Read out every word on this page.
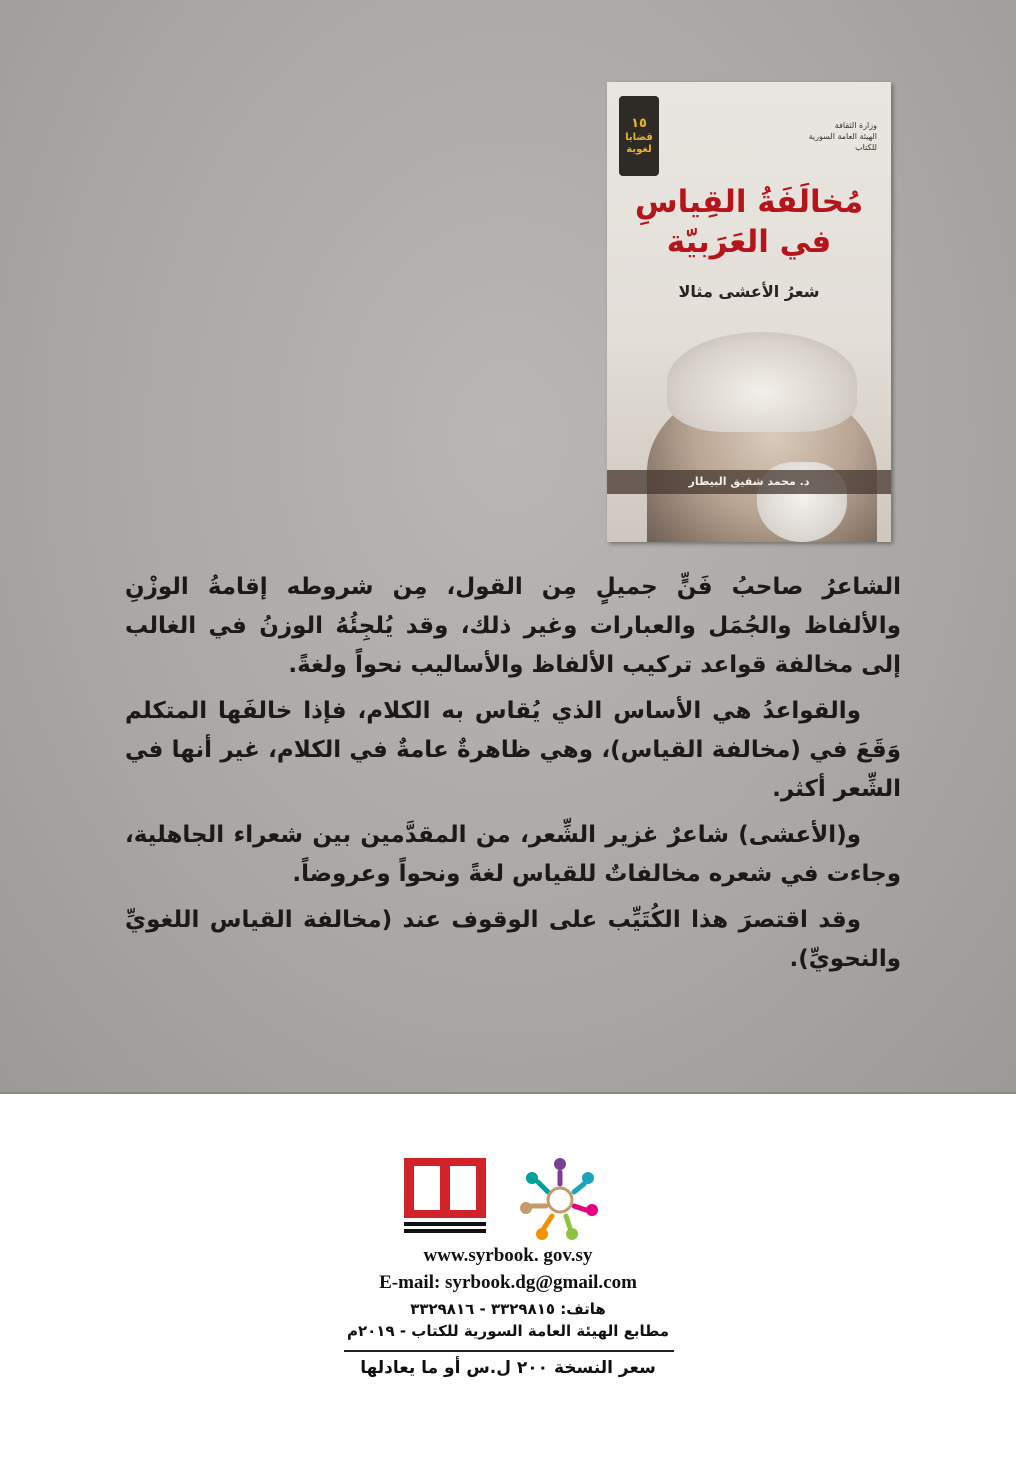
١٥
قضايا لغوية
وزارة الثقافة
الهيئة العامة السورية للكتاب
مُخالَفَةُ القِياسِ
في العَرَبيّة
شعرُ الأعشى مثالا
د. محمد شفيق البيطار

الشاعرُ صاحبُ فَنٍّ جميلٍ مِن القول، مِن شروطه إقامةُ الوزْنِ والألفاظ والجُمَل والعبارات وغير ذلك، وقد يُلجِئُهُ الوزنُ في الغالب إلى مخالفة قواعد تركيب الألفاظ والأساليب نحواً ولغةً.

والقواعدُ هي الأساس الذي يُقاس به الكلام، فإذا خالفَها المتكلم وَقَعَ في (مخالفة القياس)، وهي ظاهرةٌ عامةٌ في الكلام، غير أنها في الشِّعر أكثر.

و(الأعشى) شاعرٌ غزير الشِّعر، من المقدَّمين بين شعراء الجاهلية، وجاءت في شعره مخالفاتٌ للقياس لغةً ونحواً وعروضاً.

وقد اقتصرَ هذا الكُتَيِّب على الوقوف عند (مخالفة القياس اللغويِّ والنحويِّ).

www.syrbook. gov.sy
E-mail: syrbook.dg@gmail.com
هاتف: ٣٣٢٩٨١٥ - ٣٣٢٩٨١٦
مطابع الهيئة العامة السورية للكتاب - ٢٠١٩م
سعر النسخة ٢٠٠ ل.س أو ما يعادلها
